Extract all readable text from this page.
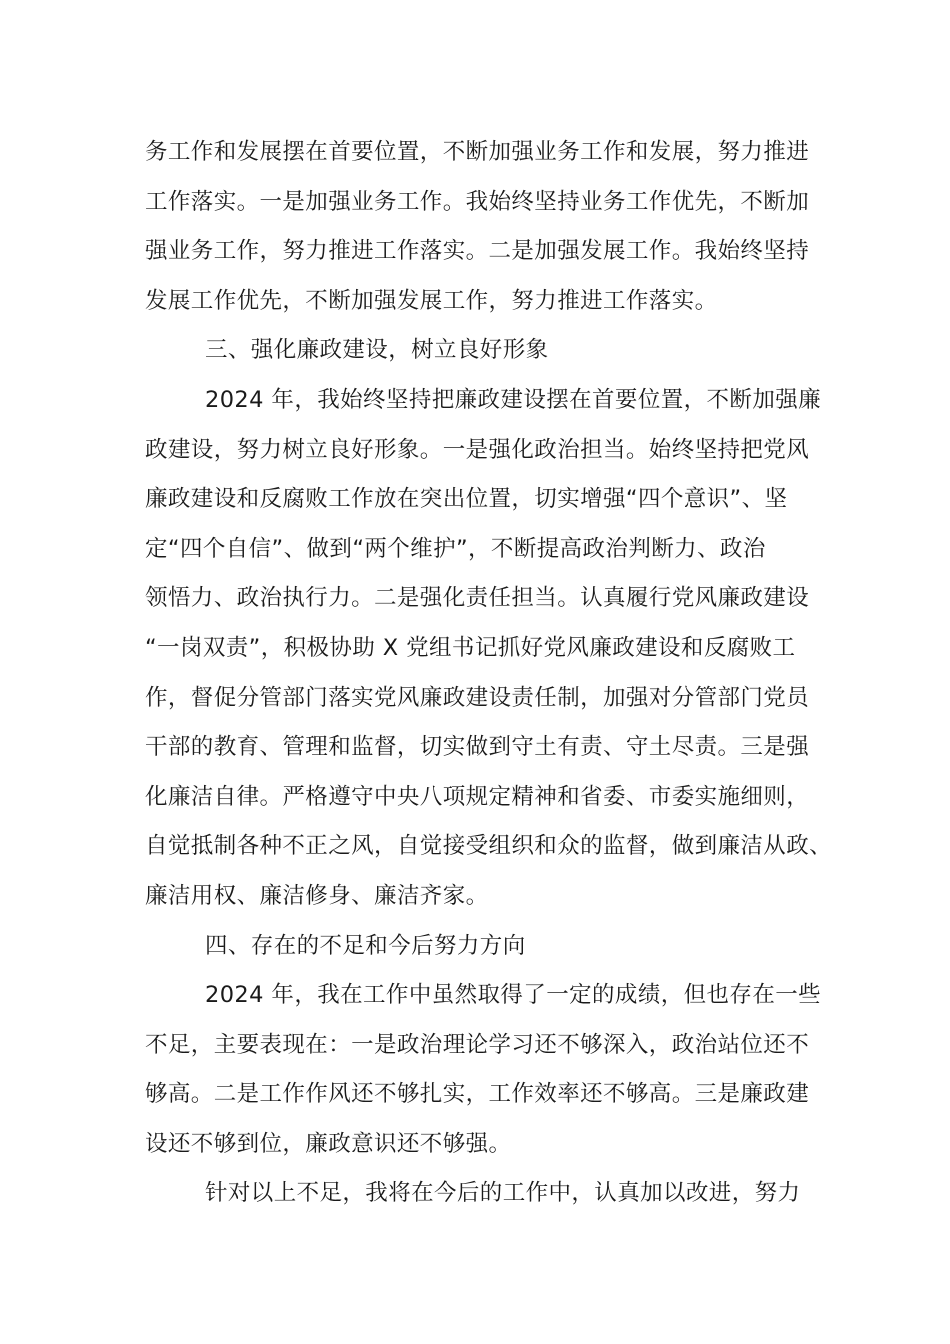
务工作和发展摆在首要位置，不断加强业务工作和发展，努力推进
工作落实。一是加强业务工作。我始终坚持业务工作优先，不断加
强业务工作，努力推进工作落实。二是加强发展工作。我始终坚持
发展工作优先，不断加强发展工作，努力推进工作落实。
三、强化廉政建设，树立良好形象
2024 年，我始终坚持把廉政建设摆在首要位置，不断加强廉
政建设，努力树立良好形象。一是强化政治担当。始终坚持把党风
廉政建设和反腐败工作放在突出位置，切实增强“四个意识”、坚
定“四个自信”、做到“两个维护”，不断提高政治判断力、政治
领悟力、政治执行力。二是强化责任担当。认真履行党风廉政建设
“一岗双责”，积极协助 X 党组书记抓好党风廉政建设和反腐败工
作，督促分管部门落实党风廉政建设责任制，加强对分管部门党员
干部的教育、管理和监督，切实做到守土有责、守土尽责。三是强
化廉洁自律。严格遵守中央八项规定精神和省委、市委实施细则，
自觉抵制各种不正之风，自觉接受组织和众的监督，做到廉洁从政、
廉洁用权、廉洁修身、廉洁齐家。
四、存在的不足和今后努力方向
2024 年，我在工作中虽然取得了一定的成绩，但也存在一些
不足，主要表现在：一是政治理论学习还不够深入，政治站位还不
够高。二是工作作风还不够扎实，工作效率还不够高。三是廉政建
设还不够到位，廉政意识还不够强。
针对以上不足，我将在今后的工作中，认真加以改进，努力
